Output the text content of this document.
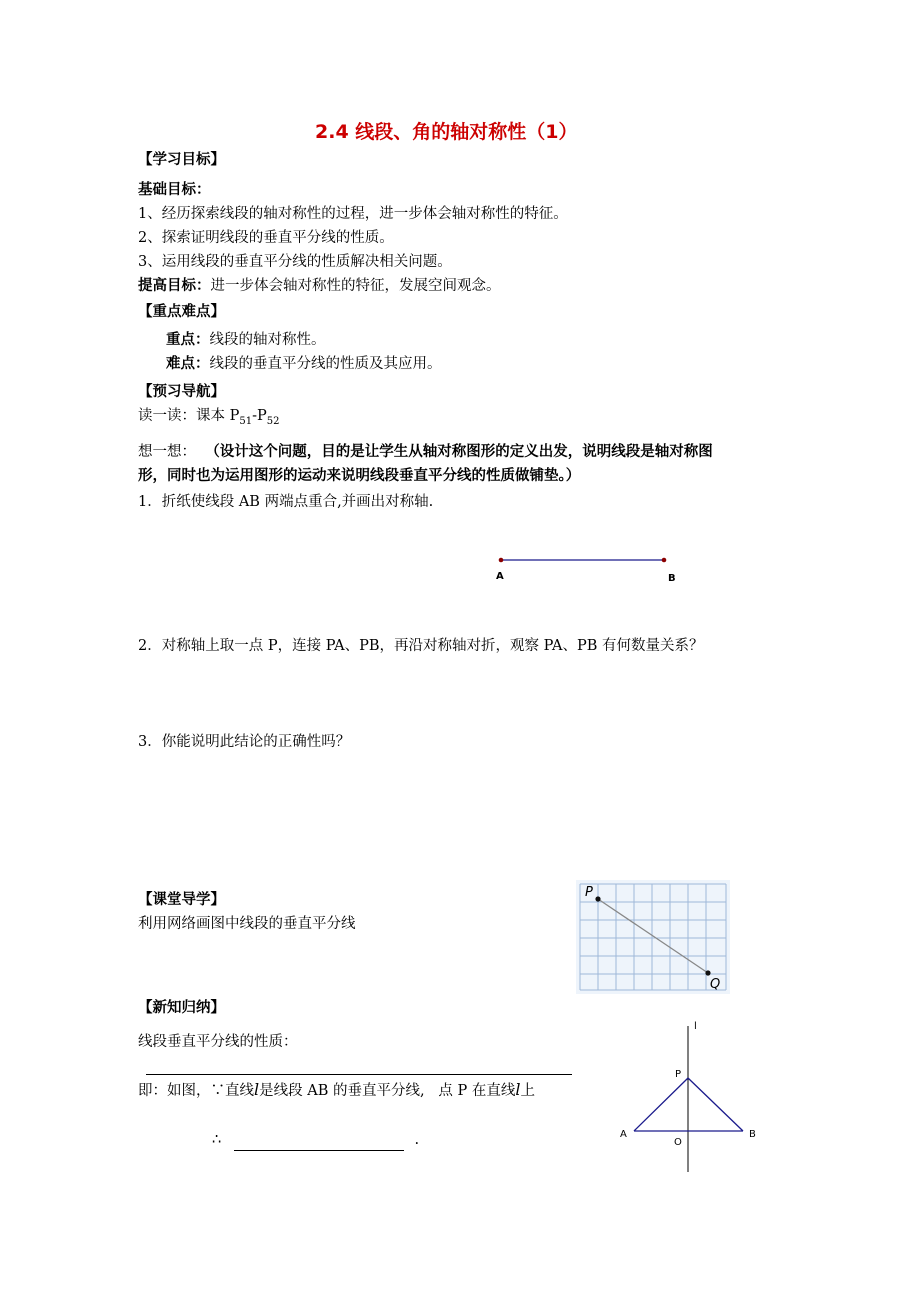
2.4 线段、角的轴对称性（1）
【学习目标】
基础目标：
1、经历探索线段的轴对称性的过程，进一步体会轴对称性的特征。
2、探索证明线段的垂直平分线的性质。
3、运用线段的垂直平分线的性质解决相关问题。
提高目标：进一步体会轴对称性的特征，发展空间观念。
【重点难点】
重点：线段的轴对称性。
难点：线段的垂直平分线的性质及其应用。
【预习导航】
读一读：课本 $P_{51}-P_{52}$
想一想： （设计这个问题，目的是让学生从轴对称图形的定义出发，说明线段是轴对称图
形，同时也为运用图形的运动来说明线段垂直平分线的性质做铺垫。）
1．折纸使线段 AB 两端点重合,并画出对称轴.
A	B
2．对称轴上取一点 P，连接 PA、PB，再沿对称轴对折，观察 PA、PB 有何数量关系？
3．你能说明此结论的正确性吗？
【课堂导学】
利用网络画图中线段的垂直平分线
P
Q
【新知归纳】
线段垂直平分线的性质：
即：如图，∵直线l是线段 AB 的垂直平分线, 点 P 在直线l上
∴	.
l
P
A	B
O
